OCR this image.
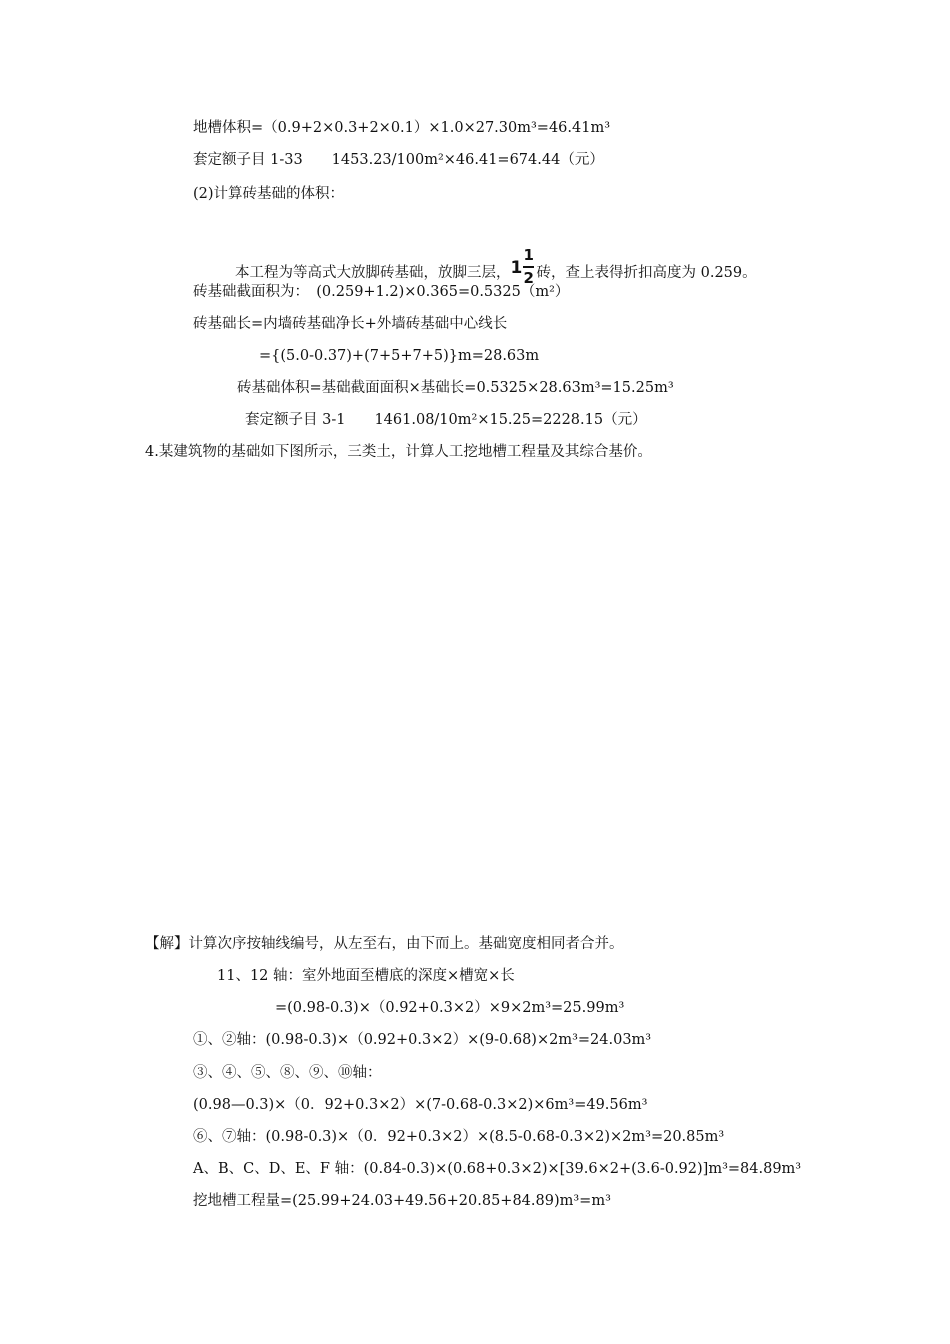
地槽体积=（0.9+2×0.3+2×0.1）×1.0×27.30m³=46.41m³
套定额子目 1-33　　1453.23/100m²×46.41=674.44（元）
(2)计算砖基础的体积：
本工程为等高式大放脚砖基础，放脚三层， 1
1
2 砖，查上表得折扣高度为 0.259。
砖基础截面积为：　(0.259+1.2)×0.365=0.5325（m²）
砖基础长=内墙砖基础净长+外墙砖基础中心线长
={(5.0-0.37)+(7+5+7+5)}m=28.63m
砖基础体积=基础截面面积×基础长=0.5325×28.63m³=15.25m³
套定额子目 3-1　　1461.08/10m²×15.25=2228.15（元）
4.某建筑物的基础如下图所示，三类土，计算人工挖地槽工程量及其综合基价。
【解】计算次序按轴线编号，从左至右，由下而上。基础宽度相同者合并。
11、12 轴：室外地面至槽底的深度×槽宽×长
=(0.98-0.3)×（0.92+0.3×2）×9×2m³=25.99m³
①、②轴：(0.98-0.3)×（0.92+0.3×2）×(9-0.68)×2m³=24.03m³
③、④、⑤、⑧、⑨、⑩轴：
(0.98—0.3)×（0．92+0.3×2）×(7-0.68-0.3×2)×6m³=49.56m³
⑥、⑦轴：(0.98-0.3)×（0．92+0.3×2）×(8.5-0.68-0.3×2)×2m³=20.85m³
A、B、C、D、E、F 轴：(0.84-0.3)×(0.68+0.3×2)×[39.6×2+(3.6-0.92)]m³=84.89m³
挖地槽工程量=(25.99+24.03+49.56+20.85+84.89)m³=m³
